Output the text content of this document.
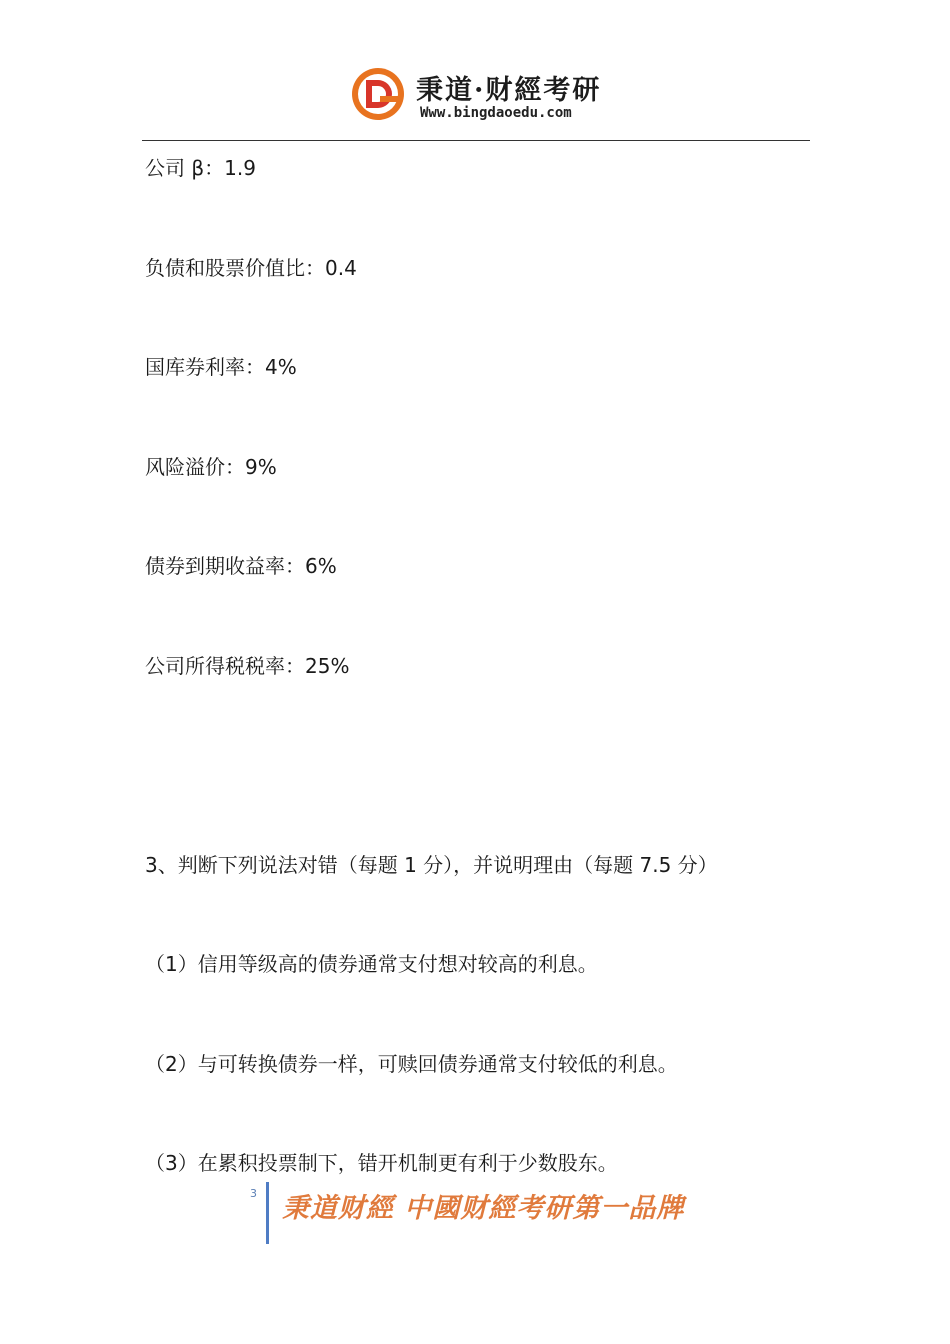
秉道·财經考研
Www.bingdaoedu.com
公司 β：1.9
负债和股票价值比：0.4
国库券利率：4%
风险溢价：9%
债券到期收益率：6%
公司所得税税率：25%
3、判断下列说法对错（每题 1 分），并说明理由（每题 7.5 分）
（1）信用等级高的债券通常支付想对较高的利息。
（2）与可转换债券一样，可赎回债券通常支付较低的利息。
（3）在累积投票制下，错开机制更有利于少数股东。
3 秉道财經 中國财經考研第一品牌
